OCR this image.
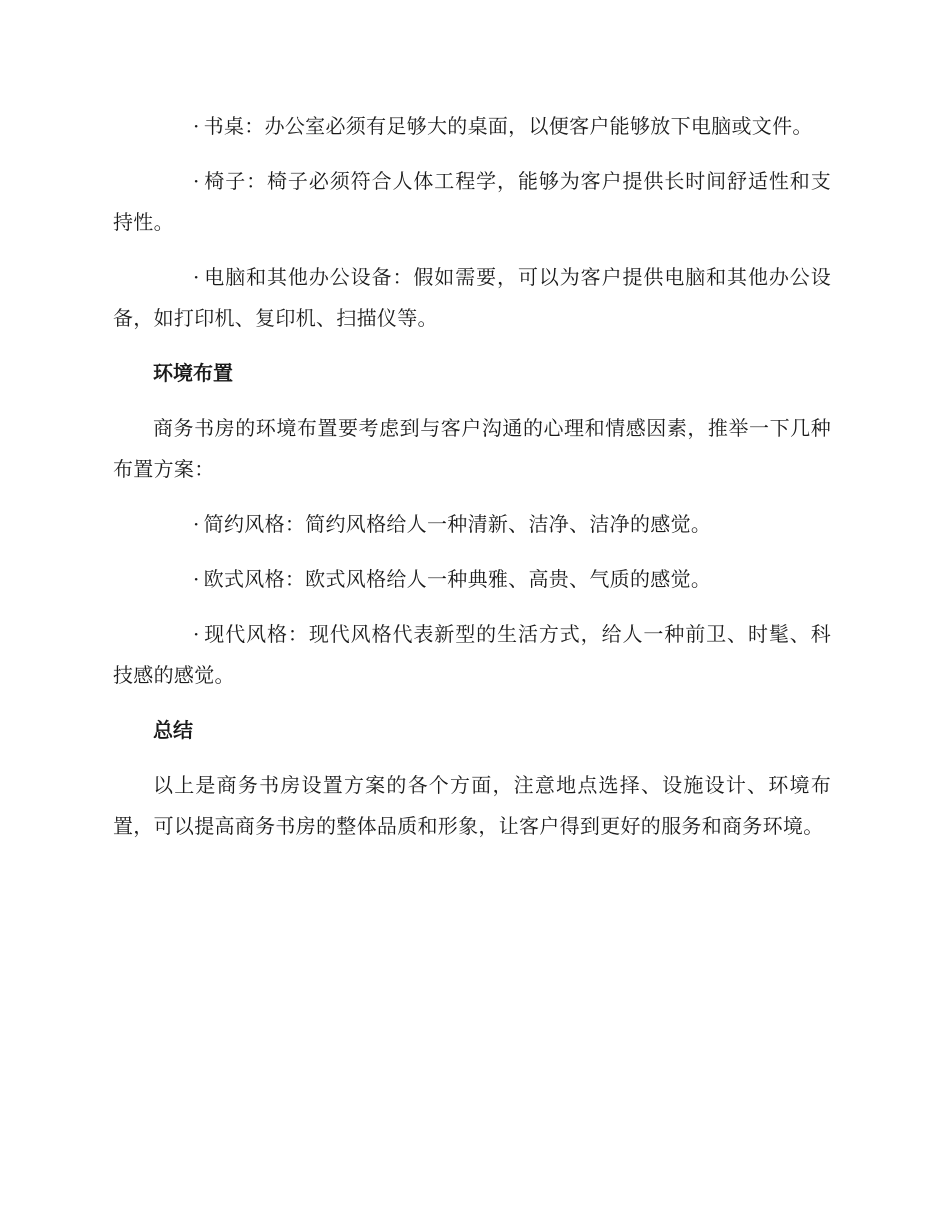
· 书桌：办公室必须有足够大的桌面，以便客户能够放下电脑或文件。

· 椅子：椅子必须符合人体工程学，能够为客户提供长时间舒适性和支持性。

· 电脑和其他办公设备：假如需要，可以为客户提供电脑和其他办公设备，如打印机、复印机、扫描仪等。

环境布置

商务书房的环境布置要考虑到与客户沟通的心理和情感因素，推举一下几种布置方案：

· 简约风格：简约风格给人一种清新、洁净、洁净的感觉。

· 欧式风格：欧式风格给人一种典雅、高贵、气质的感觉。

· 现代风格：现代风格代表新型的生活方式，给人一种前卫、时髦、科技感的感觉。

总结

以上是商务书房设置方案的各个方面，注意地点选择、设施设计、环境布置，可以提高商务书房的整体品质和形象，让客户得到更好的服务和商务环境。
